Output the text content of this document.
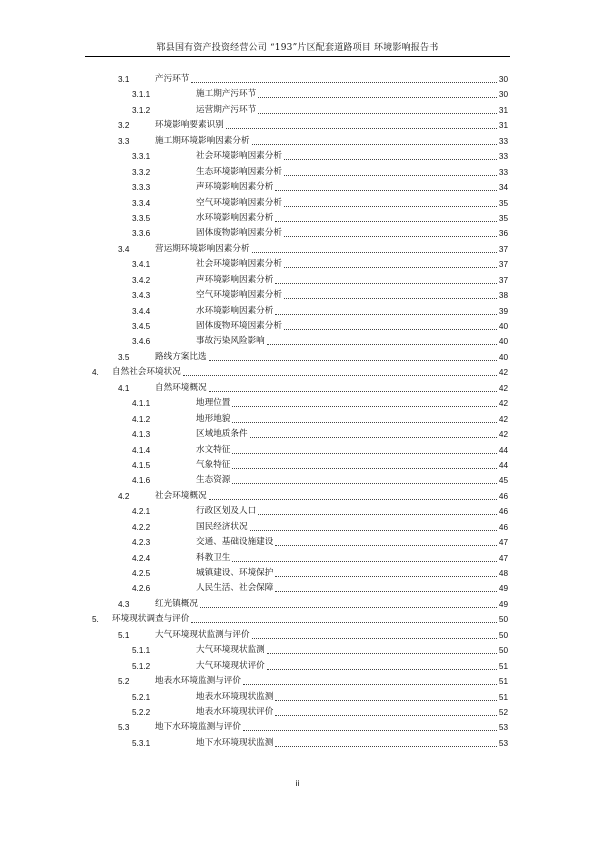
郓县国有资产投资经营公司 “193”片区配套道路项目 环境影响报告书
3.1	产污环节	30
3.1.1	施工期产污环节	30
3.1.2	运营期产污环节	31
3.2	环境影响要素识别	31
3.3	施工期环境影响因素分析	33
3.3.1	社会环境影响因素分析	33
3.3.2	生态环境影响因素分析	33
3.3.3	声环境影响因素分析	34
3.3.4	空气环境影响因素分析	35
3.3.5	水环境影响因素分析	35
3.3.6	固体废物影响因素分析	36
3.4	营运期环境影响因素分析	37
3.4.1	社会环境影响因素分析	37
3.4.2	声环境影响因素分析	37
3.4.3	空气环境影响因素分析	38
3.4.4	水环境影响因素分析	39
3.4.5	固体废物环境因素分析	40
3.4.6	事故污染风险影响	40
3.5	路线方案比选	40
4. 自然社会环境状况	42
4.1	自然环境概况	42
4.1.1	地理位置	42
4.1.2	地形地貌	42
4.1.3	区域地质条件	42
4.1.4	水文特征	44
4.1.5	气象特征	44
4.1.6	生态资源	45
4.2	社会环境概况	46
4.2.1	行政区划及人口	46
4.2.2	国民经济状况	46
4.2.3	交通、基础设施建设	47
4.2.4	科教卫生	47
4.2.5	城镇建设、环境保护	48
4.2.6	人民生活、社会保障	49
4.3	红光镇概况	49
5. 环境现状调查与评价	50
5.1	大气环境现状监测与评价	50
5.1.1	大气环境现状监测	50
5.1.2	大气环境现状评价	51
5.2	地表水环境监测与评价	51
5.2.1	地表水环境现状监测	51
5.2.2	地表水环境现状评价	52
5.3	地下水环境监测与评价	53
5.3.1	地下水环境现状监测	53
ii
